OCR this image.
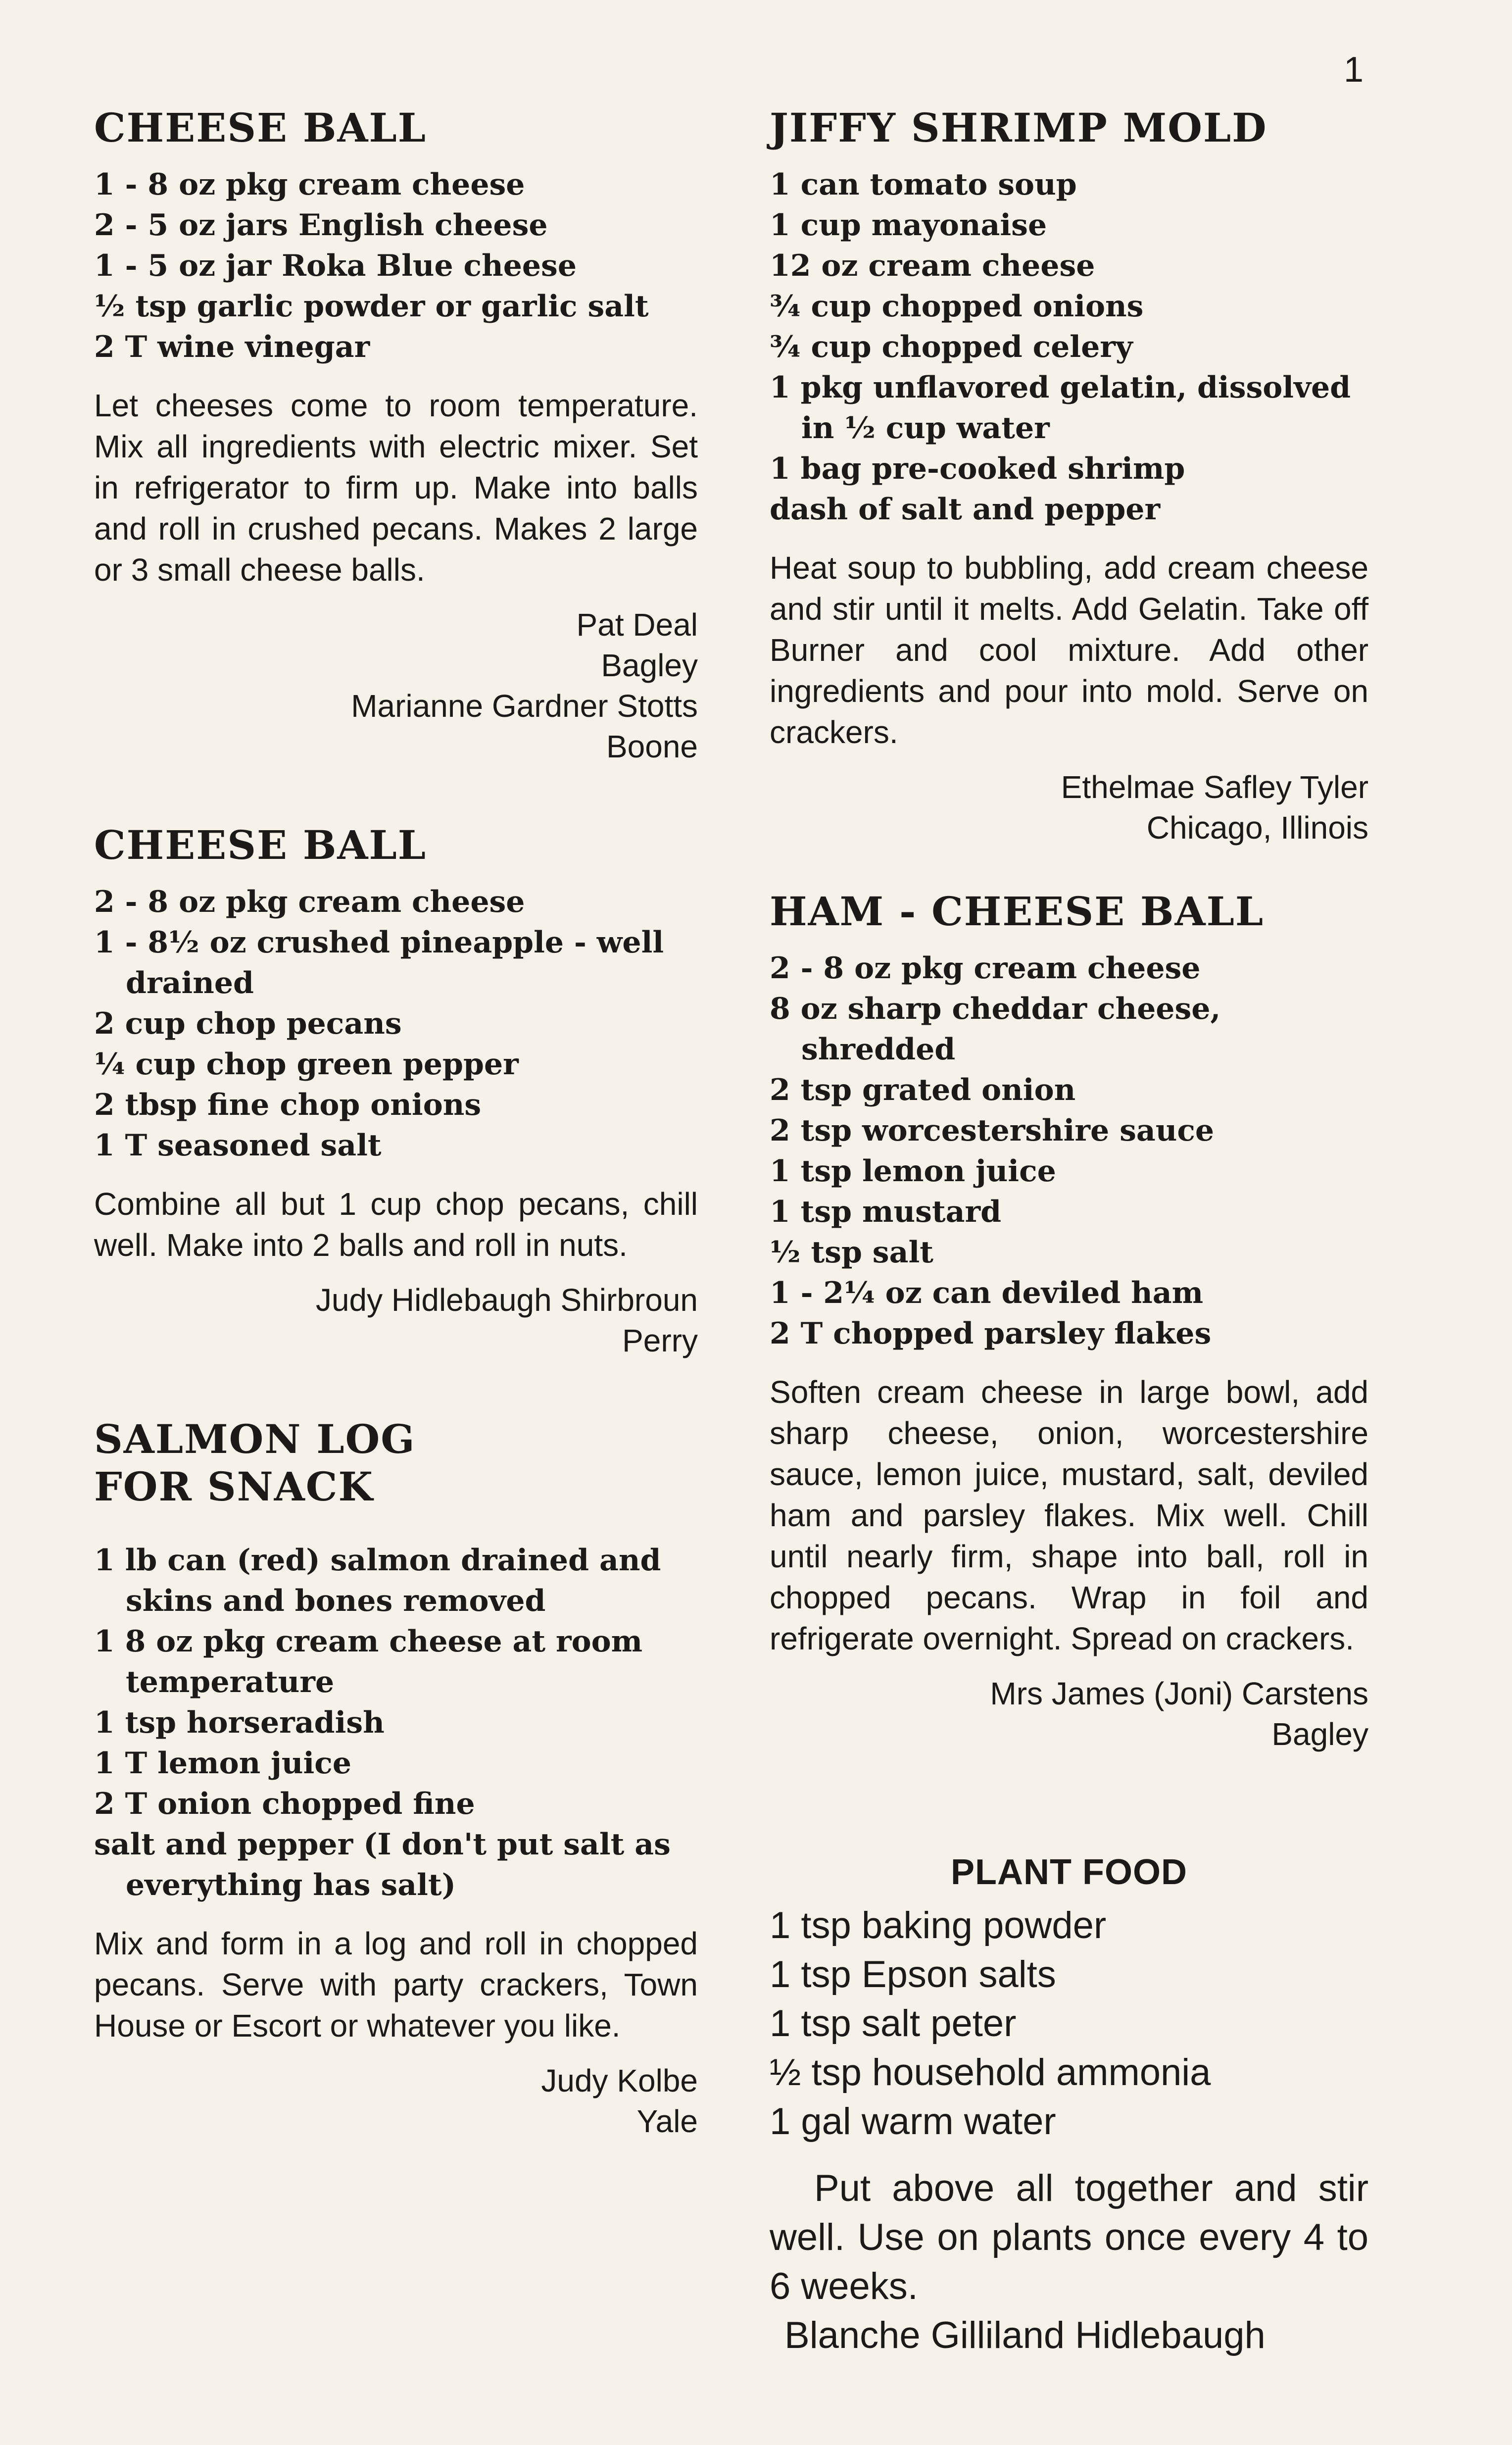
1
CHEESE BALL
1 - 8 oz pkg cream cheese
2 - 5 oz jars English cheese
1 - 5 oz jar Roka Blue cheese
½ tsp garlic powder or garlic salt
2 T wine vinegar

Let cheeses come to room temperature. Mix all ingredients with electric mixer. Set in refrigerator to firm up. Make into balls and roll in crushed pecans. Makes 2 large or 3 small cheese balls.

Pat Deal
Bagley
Marianne Gardner Stotts
Boone
CHEESE BALL
2 - 8 oz pkg cream cheese
1 - 8½ oz crushed pineapple - well drained
2 cup chop pecans
¼ cup chop green pepper
2 tbsp fine chop onions
1 T seasoned salt

Combine all but 1 cup chop pecans, chill well. Make into 2 balls and roll in nuts.

Judy Hidlebaugh Shirbroun
Perry
SALMON LOG
FOR SNACK
1 lb can (red) salmon drained and skins and bones removed
1 8 oz pkg cream cheese at room temperature
1 tsp horseradish
1 T lemon juice
2 T onion chopped fine
salt and pepper (I don't put salt as everything has salt)

Mix and form in a log and roll in chopped pecans. Serve with party crackers, Town House or Escort or whatever you like.

Judy Kolbe
Yale
JIFFY SHRIMP MOLD
1 can tomato soup
1 cup mayonaise
12 oz cream cheese
¾ cup chopped onions
¾ cup chopped celery
1 pkg unflavored gelatin, dissolved in ½ cup water
1 bag pre-cooked shrimp
dash of salt and pepper

Heat soup to bubbling, add cream cheese and stir until it melts. Add Gelatin. Take off Burner and cool mixture. Add other ingredients and pour into mold. Serve on crackers.

Ethelmae Safley Tyler
Chicago, Illinois
HAM - CHEESE BALL
2 - 8 oz pkg cream cheese
8 oz sharp cheddar cheese, shredded
2 tsp grated onion
2 tsp worcestershire sauce
1 tsp lemon juice
1 tsp mustard
½ tsp salt
1 - 2¼ oz can deviled ham
2 T chopped parsley flakes

Soften cream cheese in large bowl, add sharp cheese, onion, worcestershire sauce, lemon juice, mustard, salt, deviled ham and parsley flakes. Mix well. Chill until nearly firm, shape into ball, roll in chopped pecans. Wrap in foil and refrigerate overnight. Spread on crackers.

Mrs James (Joni) Carstens
Bagley
PLANT FOOD
1 tsp baking powder
1 tsp Epson salts
1 tsp salt peter
½ tsp household ammonia
1 gal warm water

Put above all together and stir well. Use on plants once every 4 to 6 weeks.

Blanche Gilliland Hidlebaugh
